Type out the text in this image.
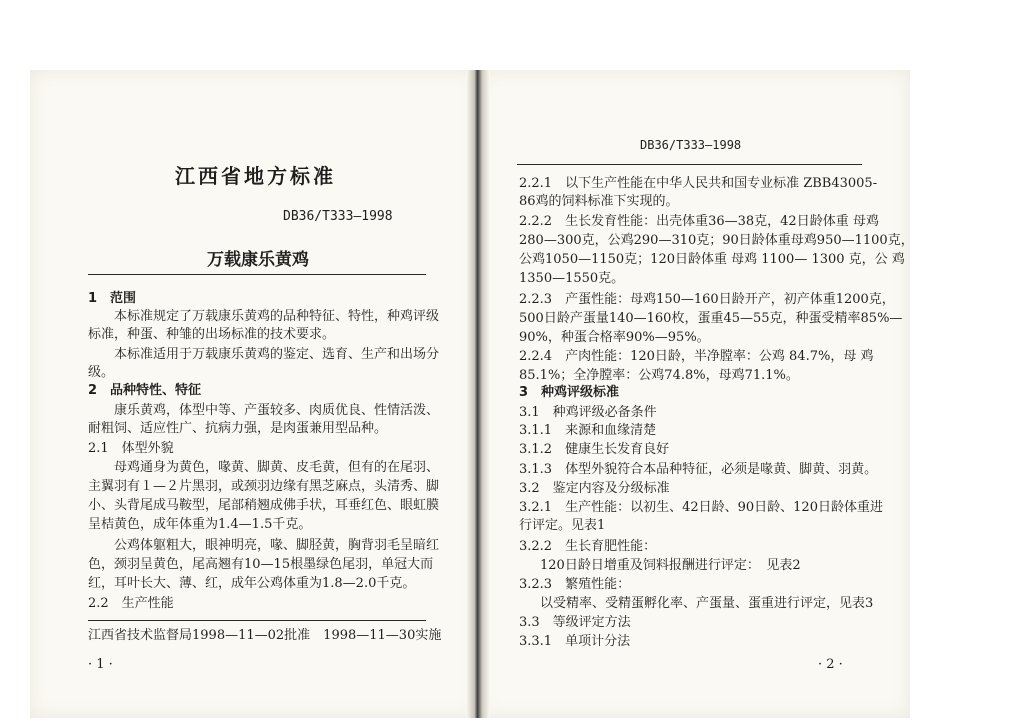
江西省地方标准
DB36/T333—1998
万载康乐黄鸡
1　范围
本标准规定了万载康乐黄鸡的品种特征、特性，种鸡评级
标准，种蛋、种雏的出场标准的技术要求。
本标准适用于万载康乐黄鸡的鉴定、选育、生产和出场分
级。
2　品种特性、特征
康乐黄鸡，体型中等、产蛋较多、肉质优良、性情活泼、
耐粗饲、适应性广、抗病力强，是肉蛋兼用型品种。
2.1　体型外貌
母鸡通身为黄色，喙黄、脚黄、皮毛黄，但有的在尾羽、
主翼羽有１—２片黑羽，或颈羽边缘有黑芝麻点，头清秀、脚
小、头背尾成马鞍型，尾部稍翘成佛手状，耳垂红色、眼虹膜
呈桔黄色，成年体重为1.4—1.5千克。
公鸡体躯粗大，眼神明亮，喙、脚胫黄，胸背羽毛呈暗红
色，颈羽呈黄色，尾高翘有10—15根墨绿色尾羽，单冠大而
红，耳叶长大、薄、红，成年公鸡体重为1.8—2.0千克。
2.2　生产性能
江西省技术监督局1998—11—02批准　1998—11—30实施
· 1 ·
DB36/T333—1998
2.2.1　以下生产性能在中华人民共和国专业标准 ZBB43005-
86鸡的饲料标准下实现的。
2.2.2　生长发育性能：出壳体重36—38克，42日龄体重 母鸡
280—300克，公鸡290—310克；90日龄体重母鸡950—1100克，
公鸡1050—1150克；120日龄体重 母鸡 1100— 1300 克，公 鸡
1350—1550克。
2.2.3　产蛋性能：母鸡150—160日龄开产，初产体重1200克，
500日龄产蛋量140—160枚，蛋重45—55克，种蛋受精率85%—
90%，种蛋合格率90%—95%。
2.2.4　产肉性能：120日龄，半净膛率：公鸡 84.7%，母 鸡
85.1%；全净膛率：公鸡74.8%，母鸡71.1%。
3　种鸡评级标准
3.1　种鸡评级必备条件
3.1.1　来源和血缘清楚
3.1.2　健康生长发育良好
3.1.3　体型外貌符合本品种特征，必须是喙黄、脚黄、羽黄。
3.2　鉴定内容及分级标准
3.2.1　生产性能：以初生、42日龄、90日龄、120日龄体重进
行评定。见表1
3.2.2　生长育肥性能：
120日龄日增重及饲料报酬进行评定：　见表2
3.2.3　繁殖性能：
以受精率、受精蛋孵化率、产蛋量、蛋重进行评定，见表3
3.3　等级评定方法
3.3.1　单项计分法
· 2 ·
